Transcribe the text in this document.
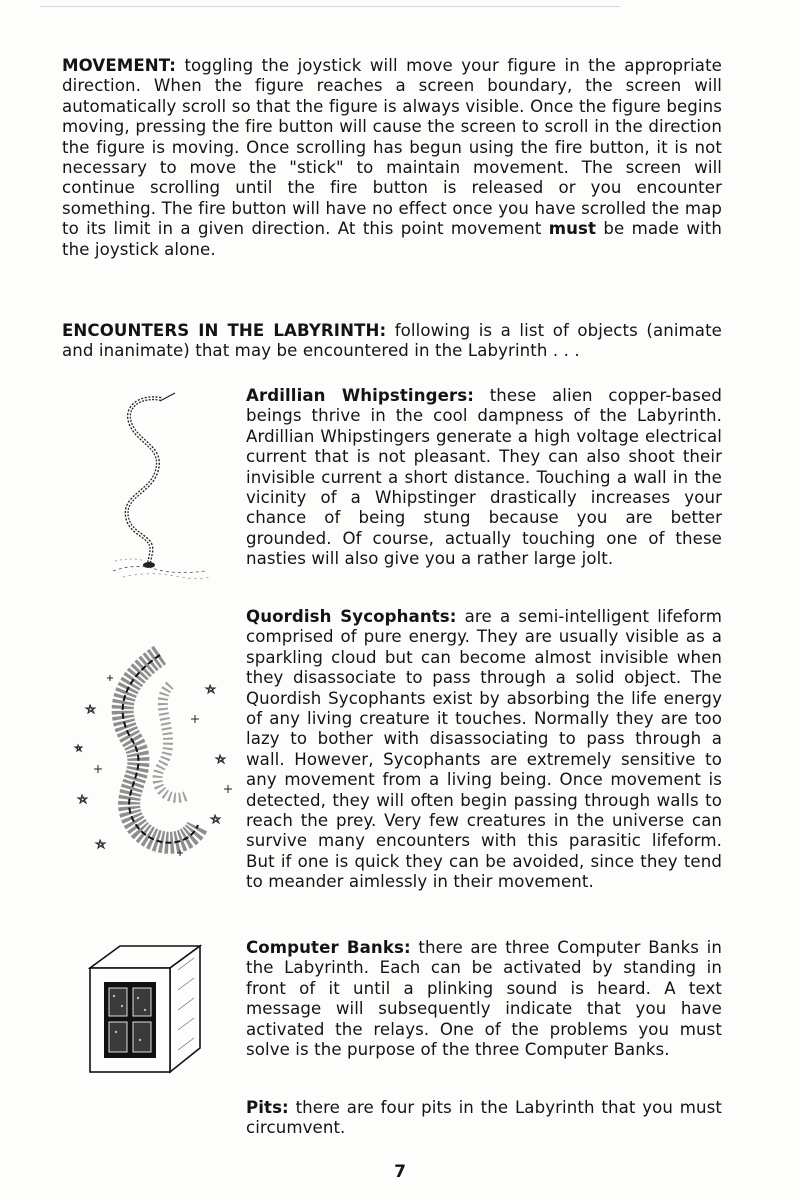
MOVEMENT: toggling the joystick will move your figure in the appropriate direction. When the figure reaches a screen boundary, the screen will automatically scroll so that the figure is always visible. Once the figure begins moving, pressing the fire button will cause the screen to scroll in the direction the figure is moving. Once scrolling has begun using the fire button, it is not necessary to move the "stick" to maintain movement. The screen will continue scrolling until the fire button is released or you encounter something. The fire button will have no effect once you have scrolled the map to its limit in a given direction. At this point movement must be made with the joystick alone.

ENCOUNTERS IN THE LABYRINTH: following is a list of objects (animate and inanimate) that may be encountered in the Labyrinth . . .

Ardillian Whipstingers: these alien copper-based beings thrive in the cool dampness of the Labyrinth. Ardillian Whipstingers generate a high voltage electrical current that is not pleasant. They can also shoot their invisible current a short distance. Touching a wall in the vicinity of a Whipstinger drastically increases your chance of being stung because you are better grounded. Of course, actually touching one of these nasties will also give you a rather large jolt.
Quordish Sycophants: are a semi-intelligent lifeform comprised of pure energy. They are usually visible as a sparkling cloud but can become almost invisible when they disassociate to pass through a solid object. The Quordish Sycophants exist by absorbing the life energy of any living creature it touches. Normally they are too lazy to bother with disassociating to pass through a wall. However, Sycophants are extremely sensitive to any movement from a living being. Once movement is detected, they will often begin passing through walls to reach the prey. Very few creatures in the universe can survive many encounters with this parasitic lifeform. But if one is quick they can be avoided, since they tend to meander aimlessly in their movement.
Computer Banks: there are three Computer Banks in the Labyrinth. Each can be activated by standing in front of it until a plinking sound is heard. A text message will subsequently indicate that you have activated the relays. One of the problems you must solve is the purpose of the three Computer Banks.
Pits: there are four pits in the Labyrinth that you must circumvent.
7
